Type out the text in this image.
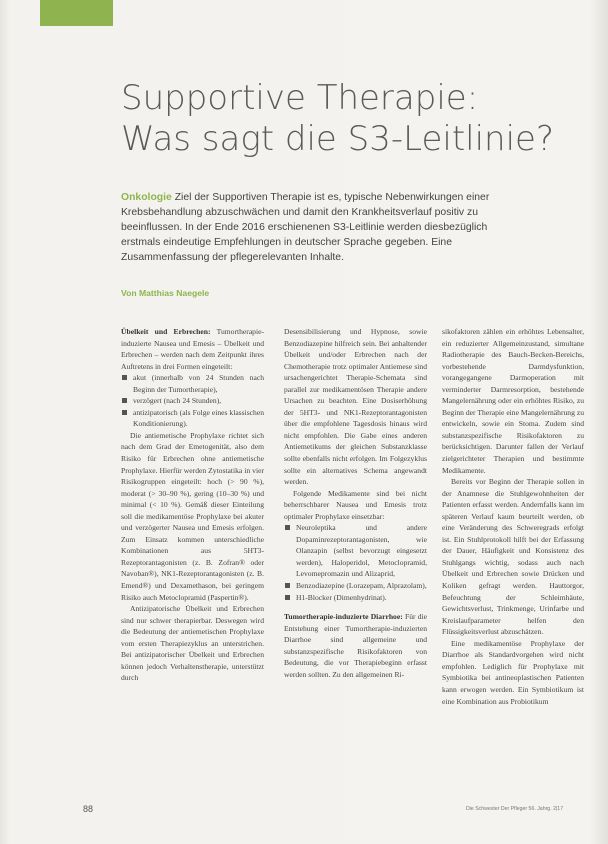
Supportive Therapie:
Was sagt die S3-Leitlinie?

Onkologie Ziel der Supportiven Therapie ist es, typische Nebenwirkungen einer Krebsbehandlung abzuschwächen und damit den Krankheitsverlauf positiv zu beeinflussen. In der Ende 2016 erschienenen S3-Leitlinie werden diesbezüglich erstmals eindeutige Empfehlungen in deutscher Sprache gegeben. Eine Zusammenfassung der pflegerelevanten Inhalte.

Von Matthias Naegele

Übelkeit und Erbrechen: Tumortherapie-induzierte Nausea und Emesis – Übelkeit und Erbrechen – werden nach dem Zeitpunkt ihres Auftretens in drei Formen eingeteilt:

akut (innerhalb von 24 Stunden nach Beginn der Tumortherapie),
verzögert (nach 24 Stunden),
antizipatorisch (als Folge eines klassischen Konditionierung).

Die antiemetische Prophylaxe richtet sich nach dem Grad der Emetogenität, also dem Risiko für Erbrechen ohne antiemetische Prophylaxe. Hierfür werden Zytostatika in vier Risikogruppen eingeteilt: hoch (> 90 %), moderat (> 30–90 %), gering (10–30 %) und minimal (< 10 %). Gemäß dieser Einteilung soll die medikamentöse Prophylaxe bei akuter und verzögerter Nausea und Emesis erfolgen. Zum Einsatz kommen unterschiedliche Kombinationen aus 5HT3-Rezeptorantagonisten (z. B. Zofran® oder Navoban®), NK1-Rezeptorantagonisten (z. B. Emend®) und Dexamethason, bei geringem Risiko auch Metoclopramid (Paspertin®).

Antizipatorische Übelkeit und Erbrechen sind nur schwer therapierbar. Deswegen wird die Bedeutung der antiemetischen Prophylaxe vom ersten Therapiezyklus an unterstrichen. Bei antizipatorischer Übelkeit und Erbrechen können jedoch Verhaltenstherapie, unterstützt durch

Desensibilisierung und Hypnose, sowie Benzodiazepine hilfreich sein. Bei anhaltender Übelkeit und/oder Erbrechen nach der Chemotherapie trotz optimaler Antiemese sind ursachengerichtet Therapie-Schemata sind parallel zur medikamentösen Therapie andere Ursachen zu beachten. Eine Dosiserhöhung der 5HT3- und NK1-Rezeptorantagonisten über die empfohlene Tagesdosis hinaus wird nicht empfohlen. Die Gabe eines anderen Antiemetikums der gleichen Substanzklasse sollte ebenfalls nicht erfolgen. Im Folgezyklus sollte ein alternatives Schema angewandt werden.

Folgende Medikamente sind bei nicht beherrschbarer Nausea und Emesis trotz optimaler Prophylaxe einsetzbar:

Neuroleptika und andere Dopaminrezeptorantagonisten, wie Olanzapin (selbst bevorzugt eingesetzt werden), Haloperidol, Metoclopramid, Levomepromazin und Alizaprid,
Benzodiazepine (Lorazepam, Alprazolam),
H1-Blocker (Dimenhydrinat).

Tumortherapie-induzierte Diarrhoe: Für die Entstehung einer Tumortherapie-induzierten Diarrhoe sind allgemeine und substanzspezifische Risikofaktoren von Bedeutung, die vor Therapiebeginn erfasst werden sollten. Zu den allgemeinen Ri-

sikofaktoren zählen ein erhöhtes Lebensalter, ein reduzierter Allgemeinzustand, simultane Radiotherapie des Bauch-Becken-Bereichs, vorbestehende Darmdysfunktion, vorangegangene Darmoperation mit verminderter Darmresorption, bestehende Mangelernährung oder ein erhöhtes Risiko, zu Beginn der Therapie eine Mangelernährung zu entwickeln, sowie ein Stoma. Zudem sind substanzspezifische Risikofaktoren zu berücksichtigen. Darunter fallen der Verlauf zielgerichteter Therapien und bestimmte Medikamente.

Bereits vor Beginn der Therapie sollen in der Anamnese die Stuhlgewohnheiten der Patienten erfasst werden. Andernfalls kann im späteren Verlauf kaum beurteilt werden, ob eine Veränderung des Schweregrads erfolgt ist. Ein Stuhlprotokoll hilft bei der Erfassung der Dauer, Häufigkeit und Konsistenz des Stuhlgangs wichtig, sodass auch nach Übelkeit und Erbrechen sowie Drücken und Koliken gefragt werden. Hauttorgor, Befeuchtung der Schleimhäute, Gewichtsverlust, Trinkmenge, Urinfarbe und Kreislaufparameter helfen den Flüssigkeitsverlust abzuschätzen.

Eine medikamentöse Prophylaxe der Diarrhoe als Standardvorgehen wird nicht empfohlen. Lediglich für Prophylaxe mit Symbiotika bei antineoplastischen Patienten kann erwogen werden. Ein Symbiotikum ist eine Kombination aus Probiotikum

88	Die Schwester Der Pfleger 56. Jahrg. 2|17
